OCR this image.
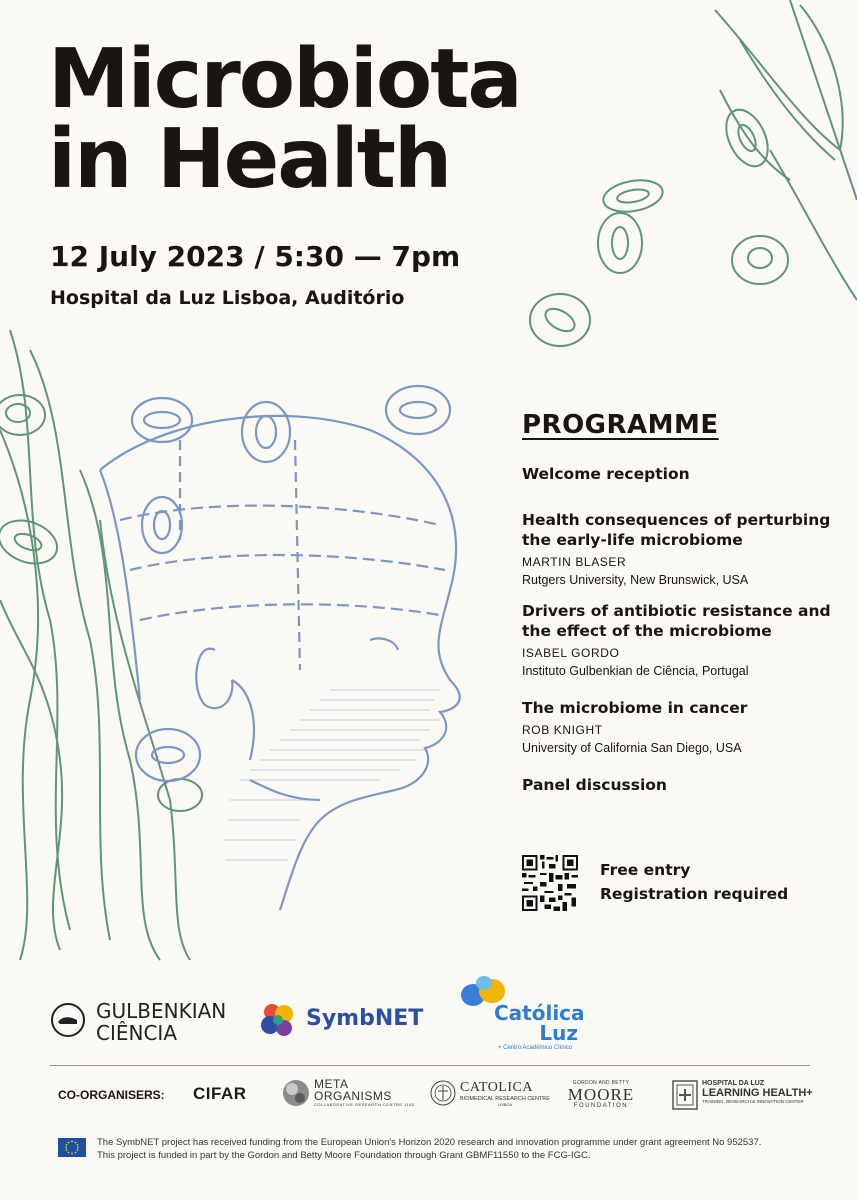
Microbiota
in Health
12 July 2023 / 5:30 — 7pm
Hospital da Luz Lisboa, Auditório
PROGRAMME
Welcome reception
Health consequences of perturbing the early-life microbiome
MARTIN BLASER
Rutgers University, New Brunswick, USA
Drivers of antibiotic resistance and the effect of the microbiome
ISABEL GORDO
Instituto Gulbenkian de Ciência, Portugal
The microbiome in cancer
ROB KNIGHT
University of California San Diego, USA
Panel discussion
Free entry
Registration required
GULBENKIAN
CIÊNCIA
SymbNET	Católica
Luz
+ Centro Académico Clínico
CO-ORGANISERS: CIFAR	META
ORGANISMS
COLLABORATIVE RESEARCH CENTRE 1182
CATOLICA
BIOMEDICAL RESEARCH CENTRE
LISBOA
GORDON AND BETTY
MOORE
FOUNDATION
HOSPITAL DA LUZ
LEARNING HEALTH+
TRAINING, RESEARCH & INNOVATION CENTER
The SymbNET project has received funding from the European Union's Horizon 2020 research and innovation programme under grant agreement No 952537.
This project is funded in part by the Gordon and Betty Moore Foundation through Grant GBMF11550 to the FCG-IGC.
